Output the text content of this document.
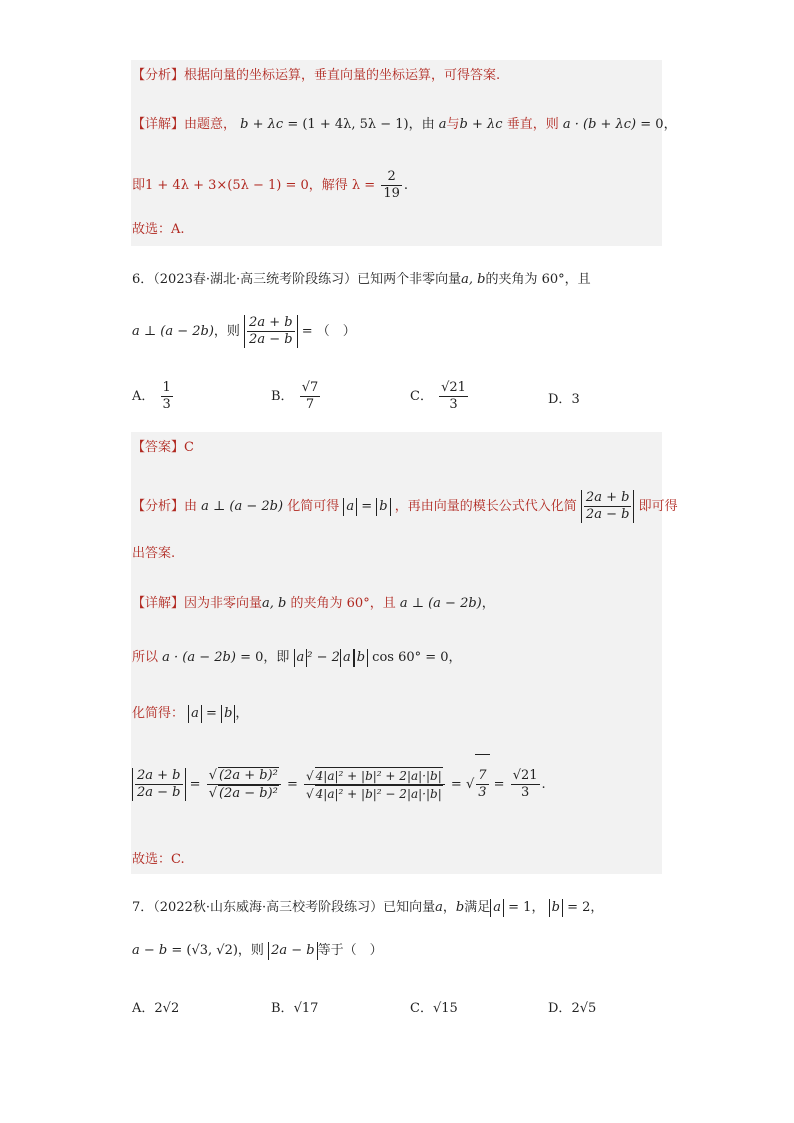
【分析】根据向量的坐标运算，垂直向量的坐标运算，可得答案.
【详解】由题意， b + λc = (1 + 4λ, 5λ − 1)，由 a与b + λc 垂直，则 a · (b + λc) = 0，
即1 + 4λ + 3×(5λ − 1) = 0，解得 $\lambda = \frac{2}{19}$ .
故选：A.
6．（2023春·湖北·高三统考阶段练习）已知两个非零向量a, b的夹角为 60°，且
a ⊥ (a − 2b)，则 $\frac{2a + b}{2a - b}$ = （　）
A． $\frac{1}{3}$	B． $\frac{√7}{7}$	C． $\frac{√21}{3}$	D．3
【答案】C
【分析】由 a ⊥ (a − 2b) 化简可得 a = b ，再由向量的模长公式代入化简 $\frac{2a + b}{2a - b}$ 即可得
出答案.
【详解】因为非零向量a, b 的夹角为 60°，且 a ⊥ (a − 2b)，
所以 a · (a − 2b) = 0，即 a ² − 2 a b cos 60° = 0，
化简得： a = b ，
$\frac{2a + b}{2a - b} = \frac{\text{√ (2a + b)²}}{\text{√ (2a − b)²}} = \frac{\text{√ 4|a|² + |b|² + 2|a|·|b|}}{\text{√ 4|a|² + |b|² − 2|a|·|b|}}$ = √ $\frac{7}{3} = \frac{√21}{3}$ .
故选：C.
7．（2022秋·山东威海·高三校考阶段练习）已知向量a，b满足 a = 1， b = 2，
a − b = (√3, √2)，则 2a − b 等于（　）
A．2√2	B．√17	C．√15	D．2√5
